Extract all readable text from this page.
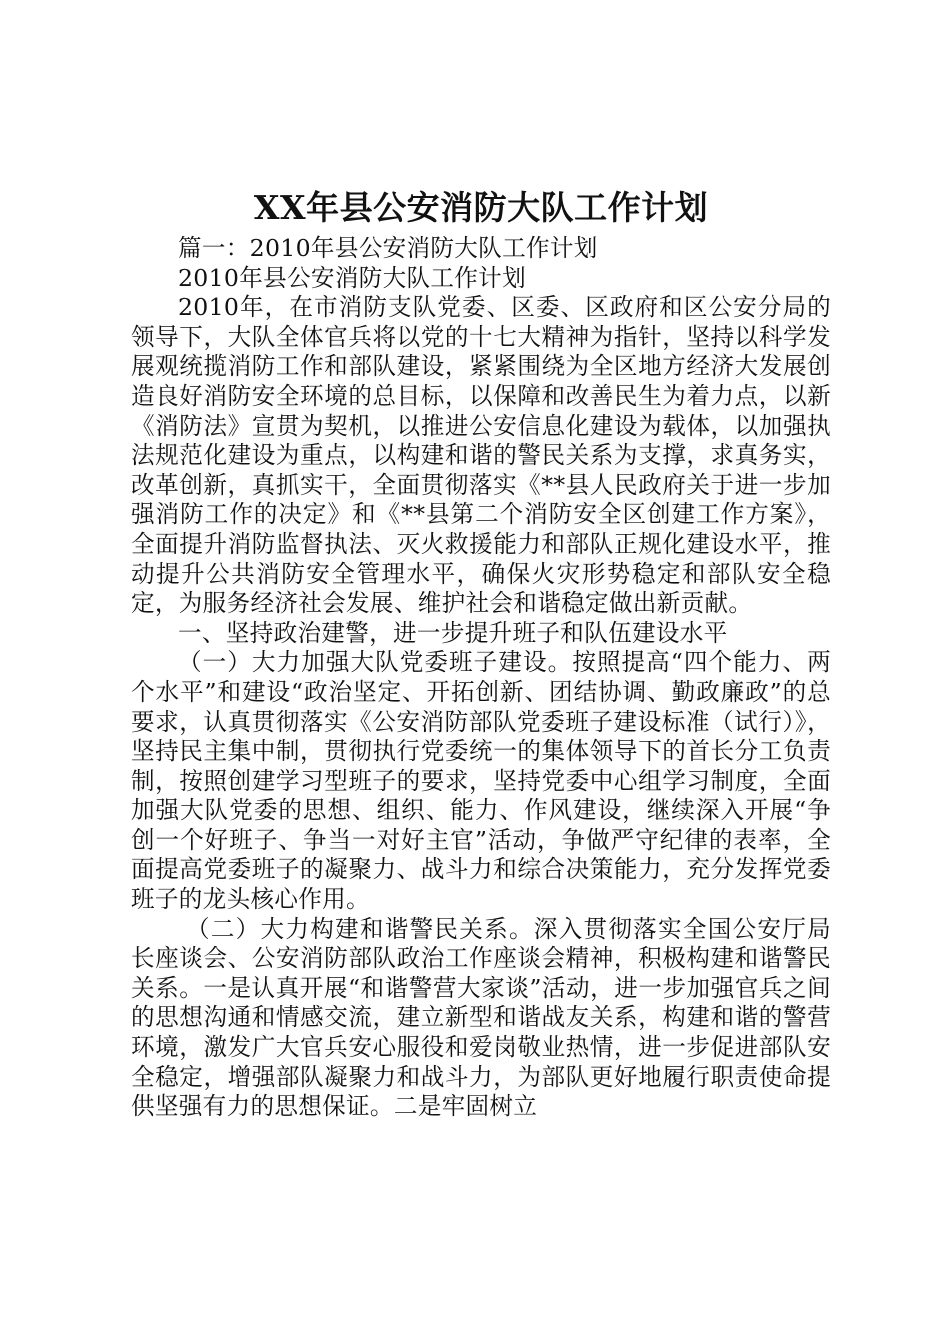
XX年县公安消防大队工作计划

篇一：2010年县公安消防大队工作计划

2010年县公安消防大队工作计划

2010年，在市消防支队党委、区委、区政府和区公安分局的领导下，大队全体官兵将以党的十七大精神为指针，坚持以科学发展观统揽消防工作和部队建设，紧紧围绕为全区地方经济大发展创造良好消防安全环境的总目标，以保障和改善民生为着力点，以新《消防法》宣贯为契机，以推进公安信息化建设为载体，以加强执法规范化建设为重点，以构建和谐的警民关系为支撑，求真务实，改革创新，真抓实干，全面贯彻落实《**县人民政府关于进一步加强消防工作的决定》和《**县第二个消防安全区创建工作方案》，全面提升消防监督执法、灭火救援能力和部队正规化建设水平，推动提升公共消防安全管理水平，确保火灾形势稳定和部队安全稳定，为服务经济社会发展、维护社会和谐稳定做出新贡献。

一、坚持政治建警，进一步提升班子和队伍建设水平

（一）大力加强大队党委班子建设。按照提高“四个能力、两个水平”和建设“政治坚定、开拓创新、团结协调、勤政廉政”的总要求，认真贯彻落实《公安消防部队党委班子建设标准（试行）》，坚持民主集中制，贯彻执行党委统一的集体领导下的首长分工负责制，按照创建学习型班子的要求，坚持党委中心组学习制度，全面加强大队党委的思想、组织、能力、作风建设，继续深入开展“争创一个好班子、争当一对好主官”活动，争做严守纪律的表率，全面提高党委班子的凝聚力、战斗力和综合决策能力，充分发挥党委班子的龙头核心作用。

（二）大力构建和谐警民关系。深入贯彻落实全国公安厅局长座谈会、公安消防部队政治工作座谈会精神，积极构建和谐警民关系。一是认真开展“和谐警营大家谈”活动，进一步加强官兵之间的思想沟通和情感交流，建立新型和谐战友关系，构建和谐的警营环境，激发广大官兵安心服役和爱岗敬业热情，进一步促进部队安全稳定，增强部队凝聚力和战斗力，为部队更好地履行职责使命提供坚强有力的思想保证。二是牢固树立
